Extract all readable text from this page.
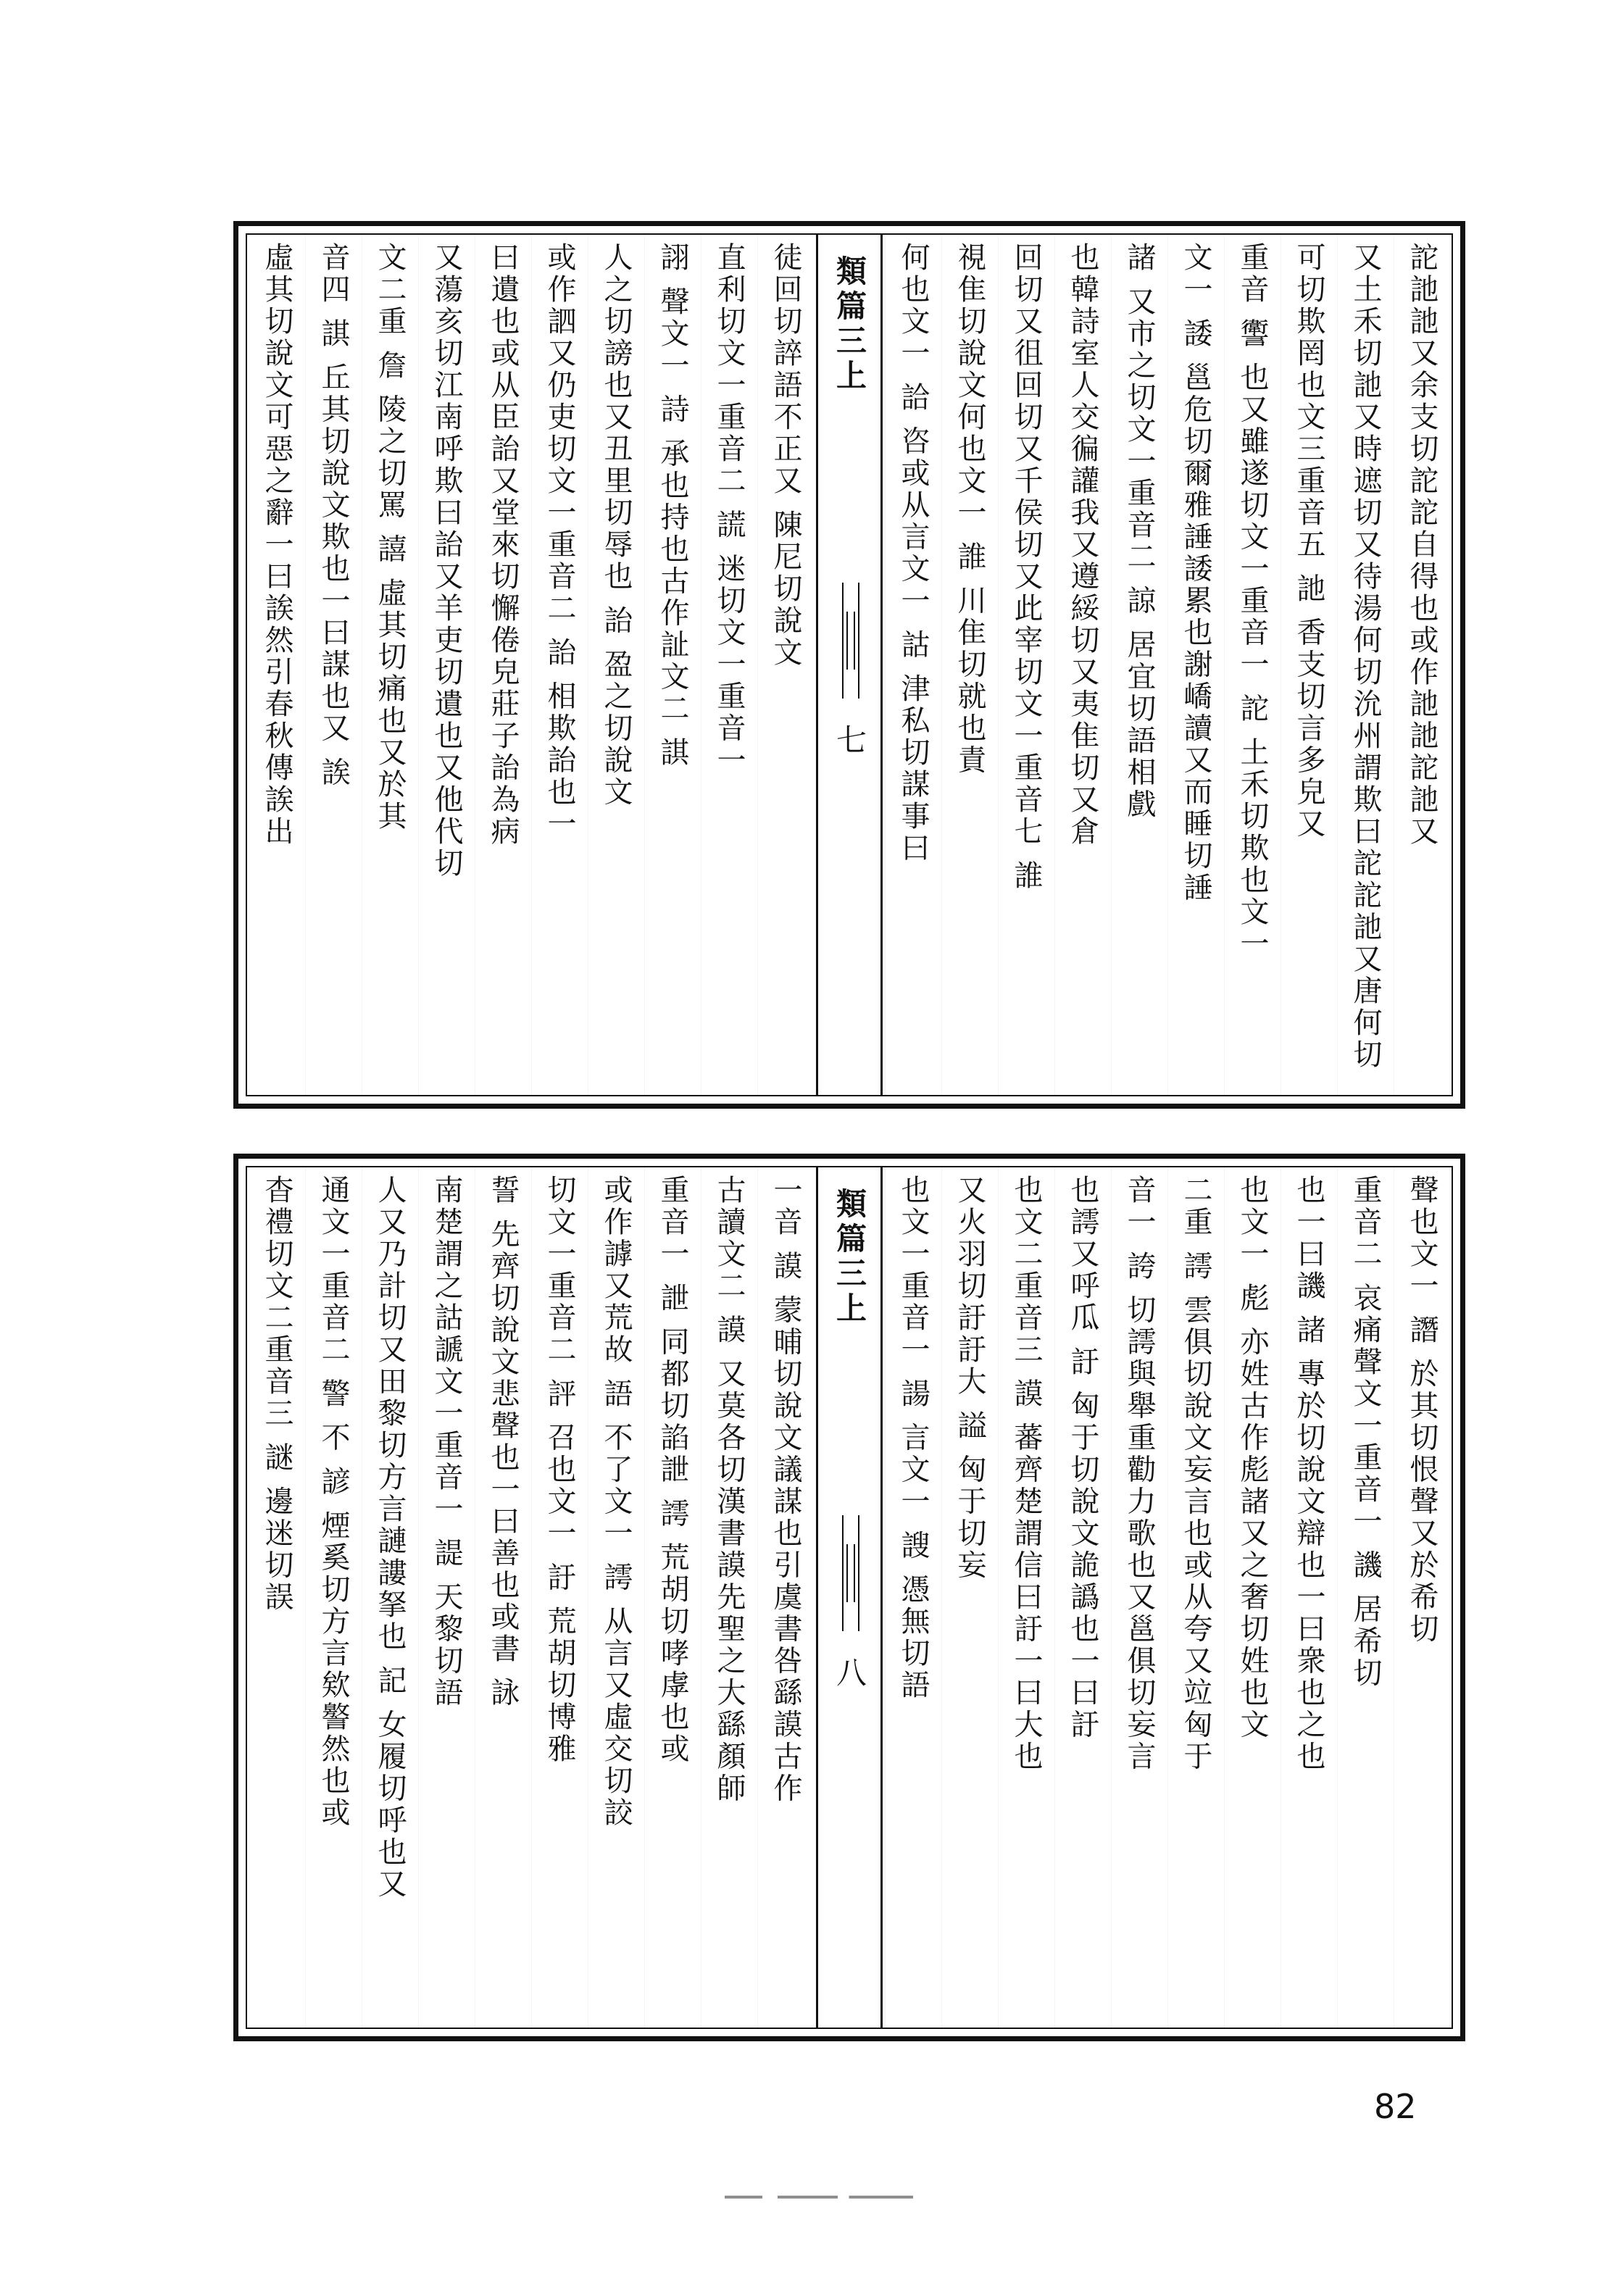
詑訑訑又余支切詑詑自得也或作訑訑詑訑又
又土禾切訑又時遮切又待湯何切沇州謂欺曰詑詑訑又唐何切
可切欺罔也文三重音五 訑 香支切言多皃又
重音 讆 也又雖遂切文一重音一 詑 土禾切欺也文一
文一 諉 邕危切爾雅諈諉累也謝嶠讀又而睡切諈
諸 又市之切文一重音二 諒 居宜切語相戲
也韓詩室人交徧讙我又遵綏切又夷隹切又倉
回切又徂回切又千侯切又此宰切文一重音七 誰
視隹切說文何也文一 誰 川隹切就也責
何也文一 詥 咨或从言文一 詁 津私切謀事曰
類篇三上
七
徒回切誶語不正又 陳尼切說文
直利切文一重音二 謊 迷切文一重音一
詡 聲文一 詩 承也持也古作訨文二 諆
人之切謗也又丑里切辱也 詒 盈之切說文
或作訵又仍吏切文一重音二 詒 相欺詒也一
曰遺也或从臣詒又堂來切懈倦皃莊子詒為病
又蕩亥切江南呼欺曰詒又羊吏切遺也又他代切
文二重 詹 陵之切罵 譆 虛其切痛也又於其
音四 諆 丘其切說文欺也一曰謀也又 誒
虛其切說文可惡之辭一曰誒然引春秋傳誒出
聲也文一 譖 於其切恨聲又於希切
重音二 哀痛聲文一重音一 譏 居希切
也一曰譏 諸 專於切說文辯也一曰衆也之也
也文一 彪 亦姓古作彪諸又之奢切姓也文
二重 謣 雲俱切說文妄言也或从夸又竝匈于
音一 誇 切謣與舉重勸力歌也又邕俱切妄言
也謣又呼瓜 訏 匈于切說文詭譌也一曰訏
也文二重音三 謨 蕃齊楚謂信曰訏一曰大也
又火羽切訏訏大 謚 匈于切妄
也文一重音一 諹 言文一 謏 憑無切語
類篇三上
八
一音 謨 蒙晡切說文議謀也引虞書咎繇謨古作
古讀文二 謨 又莫各切漢書謨先聖之大繇顏師
重音一 詍 同都切諂詍 謣 荒胡切哮虖也或
或作謼又荒故 語 不了文一 謣 从言又虛交切詨
切文一重音二 評 召也文一 訏 荒胡切博雅
誓 先齊切說文悲聲也一曰善也或書 詠
南楚謂之詁謕文一重音一 諟 天黎切語
人又乃計切又田黎切方言謰謱拏也 記 女履切呼也又
通文一重音二 警 不 諺 煙奚切方言欸譥然也或
杳禮切文二重音三 謎 邊迷切誤
82
